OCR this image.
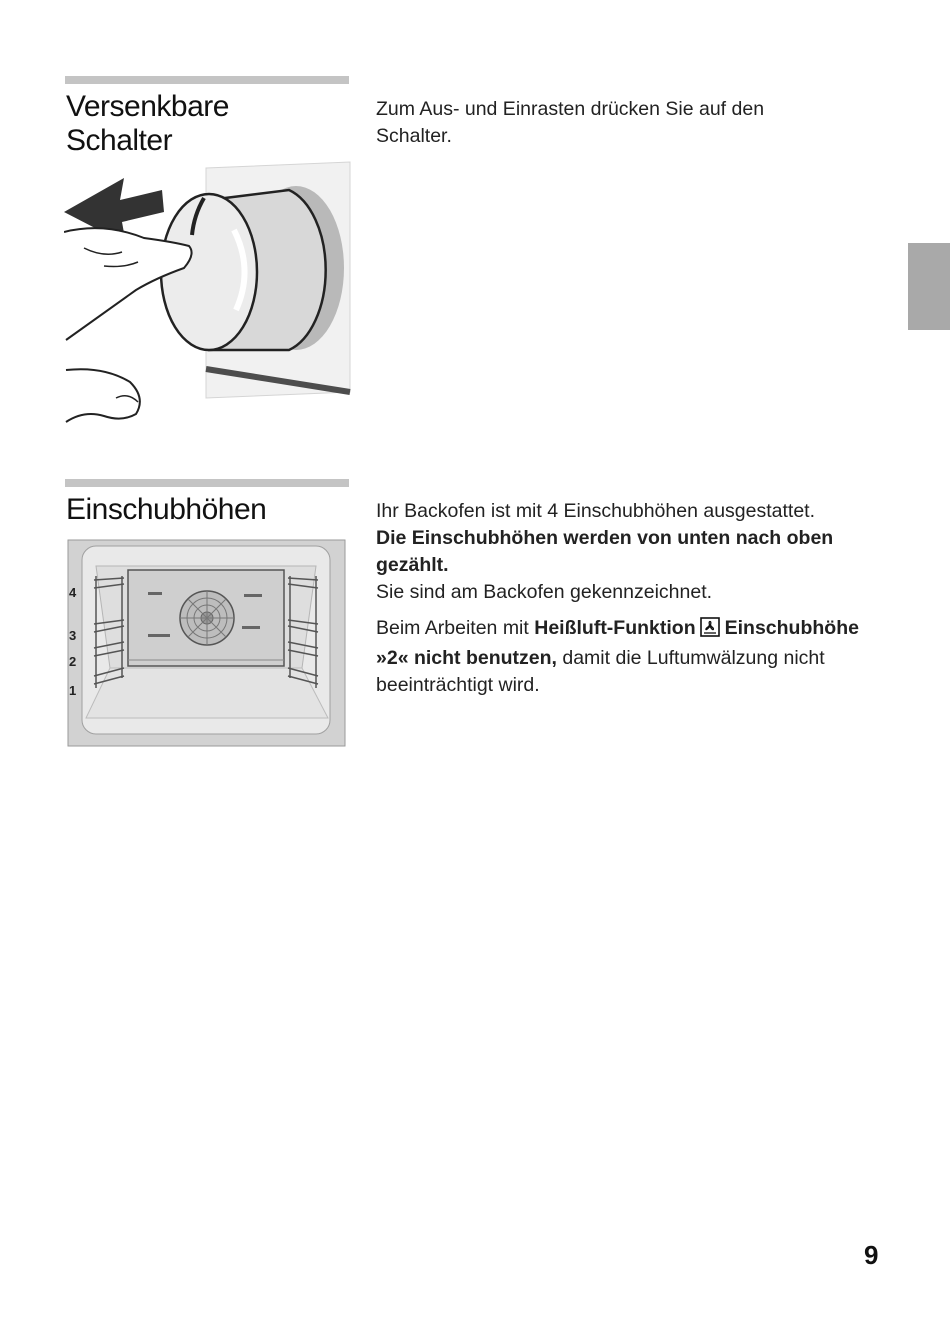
Versenkbare
Schalter

Zum Aus- und Einrasten drücken Sie auf den Schalter.

Einschubhöhen
4
3
2
1

Ihr Backofen ist mit 4 Einschubhöhen ausgestattet.
Die Einschubhöhen werden von unten nach oben gezählt.
Sie sind am Backofen gekennzeichnet.

Beim Arbeiten mit Heißluft-Funktion Einschubhöhe »2« nicht benutzen, damit die Luftumwälzung nicht beeinträchtigt wird.

9
